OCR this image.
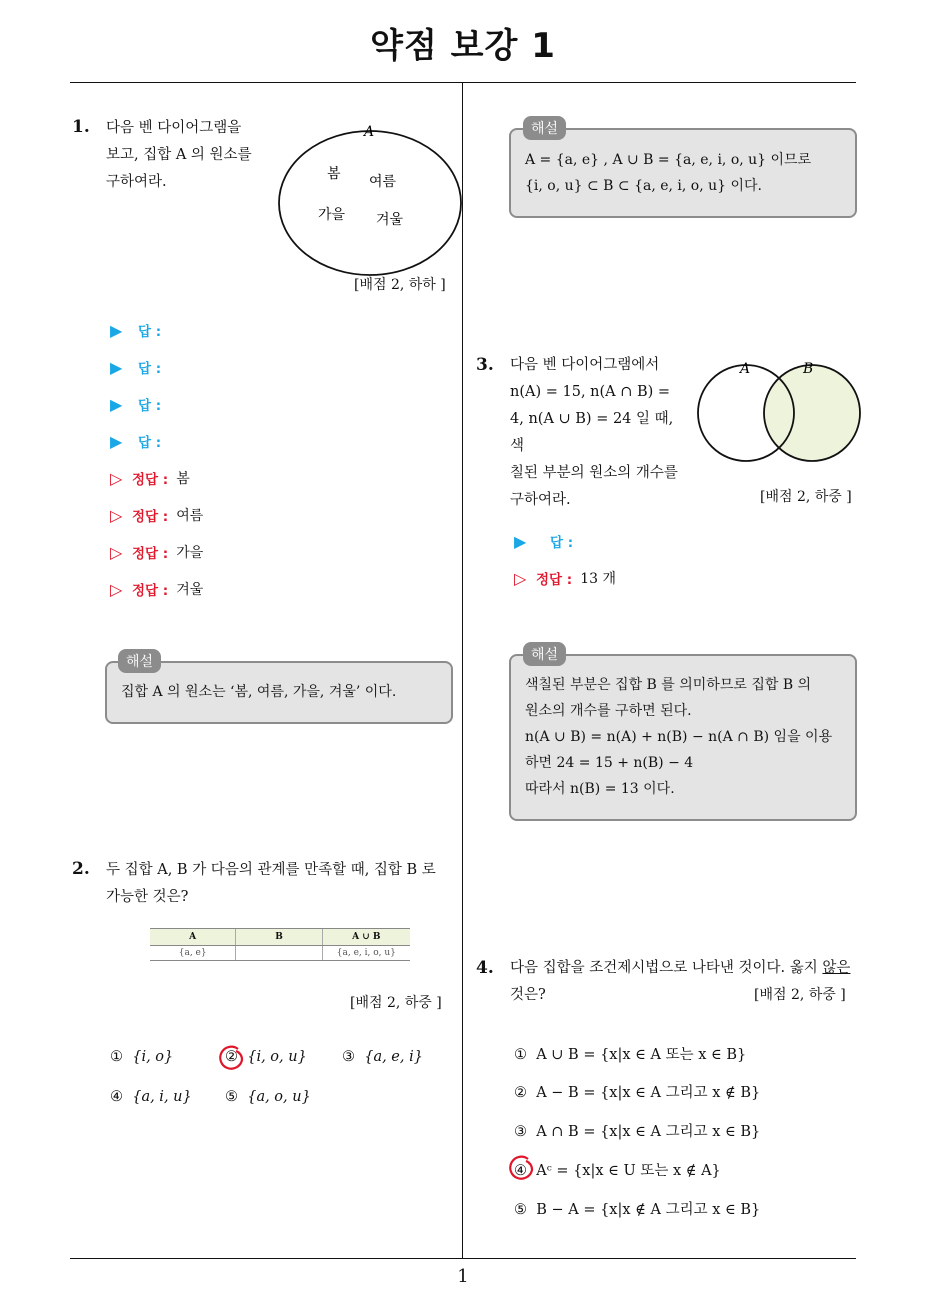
약점 보강 1
1
1. 다음 벤 다이어그램을
보고, 집합 A 의 원소를
구하여라.
A
봄 여름
가을 겨울
[배점 2, 하하 ]
▶	답 :
▶	답 :
▶	답 :
▶	답 :
▷ 정답 : 봄
▷ 정답 : 여름
▷ 정답 : 가을
▷ 정답 : 겨울
집합 A 의 원소는 ‘봄, 여름, 가을, 겨울’ 이다.
해설
2. 두 집합 A, B 가 다음의 관계를 만족할 때, 집합 B 로
가능한 것은?
A	B	A ∪ B
{a, e}		{a, e, i, o, u}
[배점 2, 하중 ]
① {i, o}	② {i, o, u} ③ {a, e, i}
④ {a, i, u} ⑤ {a, o, u}
A = {a, e} , A ∪ B = {a, e, i, o, u} 이므로
{i, o, u} ⊂ B ⊂ {a, e, i, o, u} 이다.
해설
3. 다음 벤 다이어그램에서
n(A) = 15, n(A ∩ B) =
4, n(A ∪ B) = 24 일 때, 색
칠된 부분의 원소의 개수를
구하여라.
A	B
[배점 2, 하중 ]
▶	답 :
▷ 정답 : 13 개
색칠된 부분은 집합 B 를 의미하므로 집합 B 의
원소의 개수를 구하면 된다.
n(A ∪ B) = n(A) + n(B) − n(A ∩ B) 임을 이용
하면 24 = 15 + n(B) − 4
따라서 n(B) = 13 이다.
해설
4. 다음 집합을 조건제시법으로 나타낸 것이다. 옳지 않은
것은?	[배점 2, 하중 ]
① A ∪ B = {x|x ∈ A 또는 x ∈ B}
② A − B = {x|x ∈ A 그리고 x ∉ B}
③ A ∩ B = {x|x ∈ A 그리고 x ∈ B}
④ Aᶜ = {x|x ∈ U 또는 x ∉ A}
⑤ B − A = {x|x ∉ A 그리고 x ∈ B}
